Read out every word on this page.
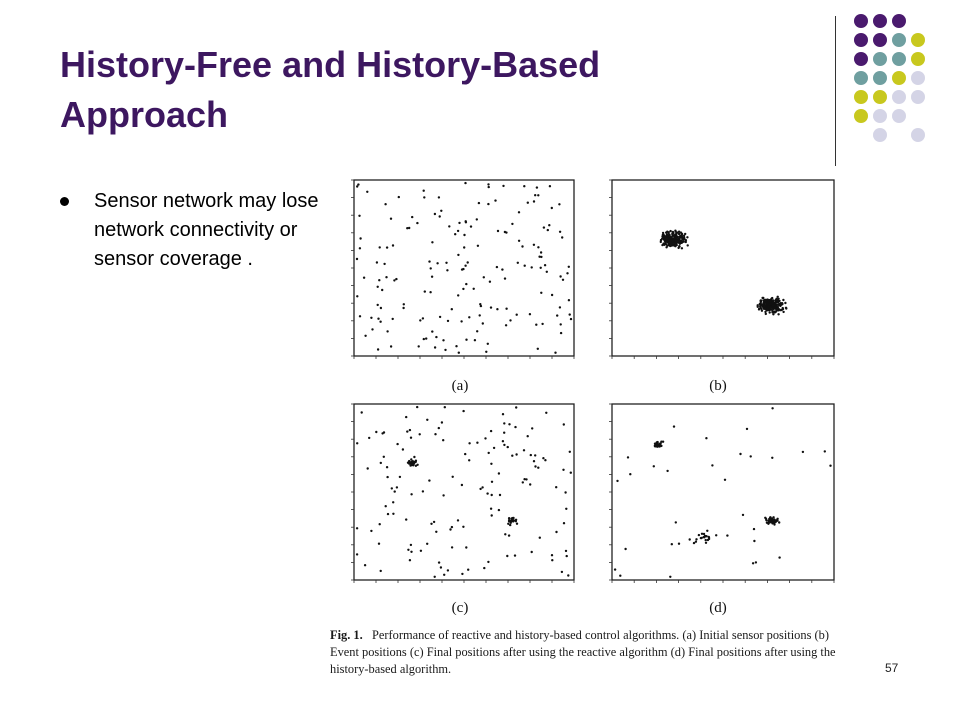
History-Free and History-Based Approach
Sensor network may lose network connectivity or sensor coverage .
(a)	(b)
(c)	(d)

Fig. 1. Performance of reactive and history-based control algorithms. (a) Initial sensor positions (b) Event positions (c) Final positions after using the reactive algorithm (d) Final positions after using the history-based algorithm.	57
